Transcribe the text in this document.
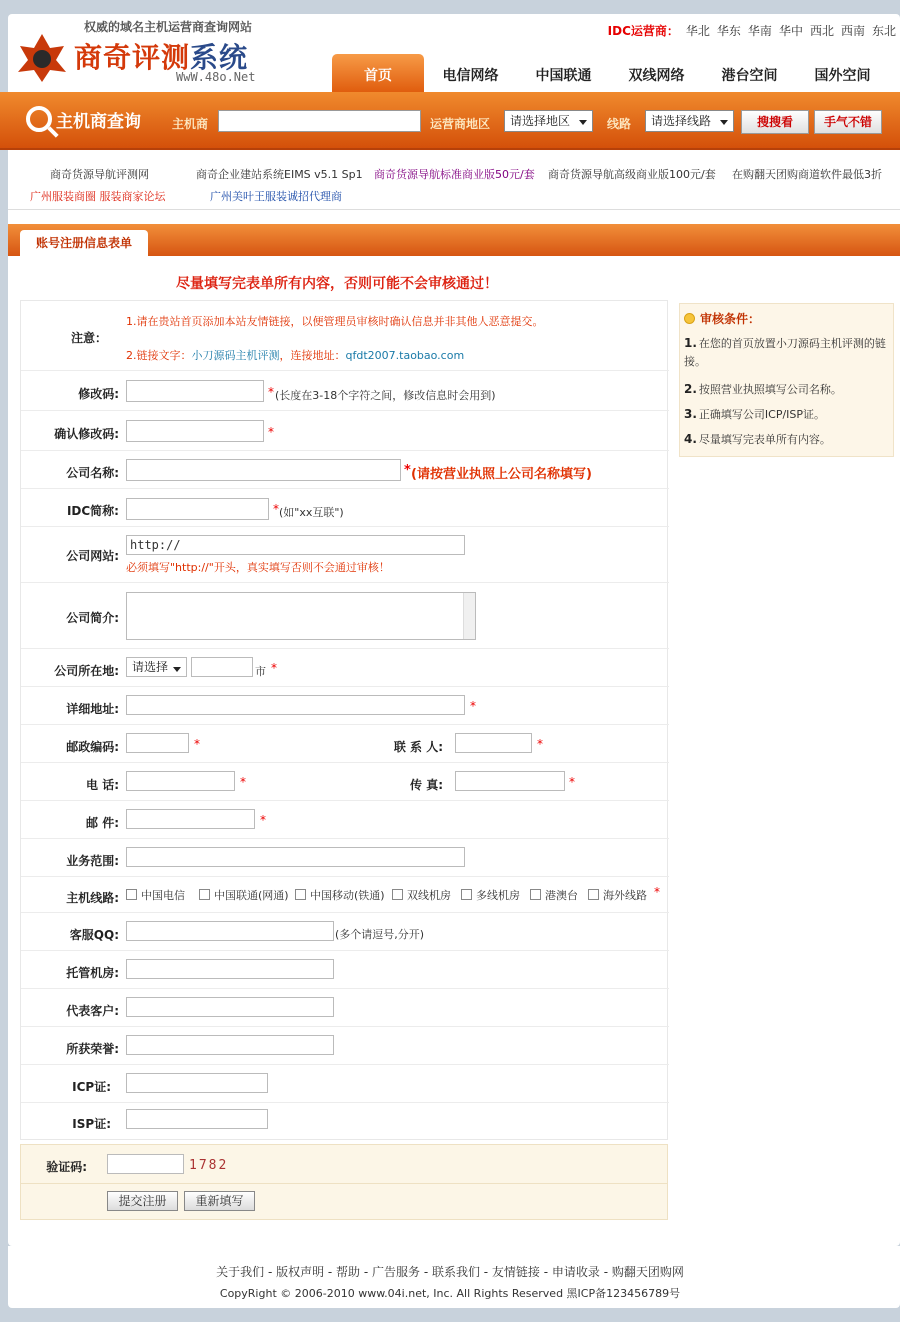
权威的域名主机运营商查询网站
商奇评测系统
WwW.48o.Net
IDC运营商： 华北 华东 华南 华中 西北 西南 东北
首页	电信网络	中国联通	双线网络	港台空间	国外空间
主机商查询	主机商	运营商地区	请选择地区	线路	请选择线路	搜搜看	手气不错
商奇货源导航评测网	商奇企业建站系统EIMS v5.1 Sp1 商奇货源导航标准商业版50元/套 商奇货源导航高级商业版100元/套 在购翻天团购商道软件最低3折
广州服装商圈 服装商家论坛	广州美叶王服装诚招代理商
账号注册信息表单
尽量填写完表单所有内容，否则可能不会审核通过！
注意：
1.请在贵站首页添加本站友情链接，以便管理员审核时确认信息并非其他人恶意提交。
2.链接文字：小刀源码主机评测，连接地址：qfdt2007.taobao.com
修改码:	* (长度在3-18个字符之间，修改信息时会用到)
确认修改码:	*
公司名称:	* (请按营业执照上公司名称填写)
IDC简称:	* (如"xx互联")
公司网站:
http://
必须填写"http://"开头，真实填写否则不会通过审核！
公司简介:
公司所在地:	请选择	市 *
详细地址:	*
邮政编码:	*	联 系 人:	*
电 话:	*	传 真:	*
邮 件:	*
业务范围:
主机线路: 中国电信	中国联通(网通) 中国移动(铁通) 双线机房 多线机房 港澳台 海外线路 *
客服QQ:	(多个请逗号,分开)
托管机房:
代表客户:
所获荣誉:
ICP证:
ISP证:
审核条件：
1. 在您的首页放置小刀源码主机评测的链接。
2. 按照营业执照填写公司名称。
3. 正确填写公司ICP/ISP证。
4. 尽量填写完表单所有内容。
验证码:	1782
提交注册	重新填写
关于我们 - 版权声明 - 帮助 - 广告服务 - 联系我们 - 友情链接 - 申请收录 - 购翻天团购网
CopyRight © 2006-2010 www.04i.net, Inc. All Rights Reserved 黑ICP备123456789号
